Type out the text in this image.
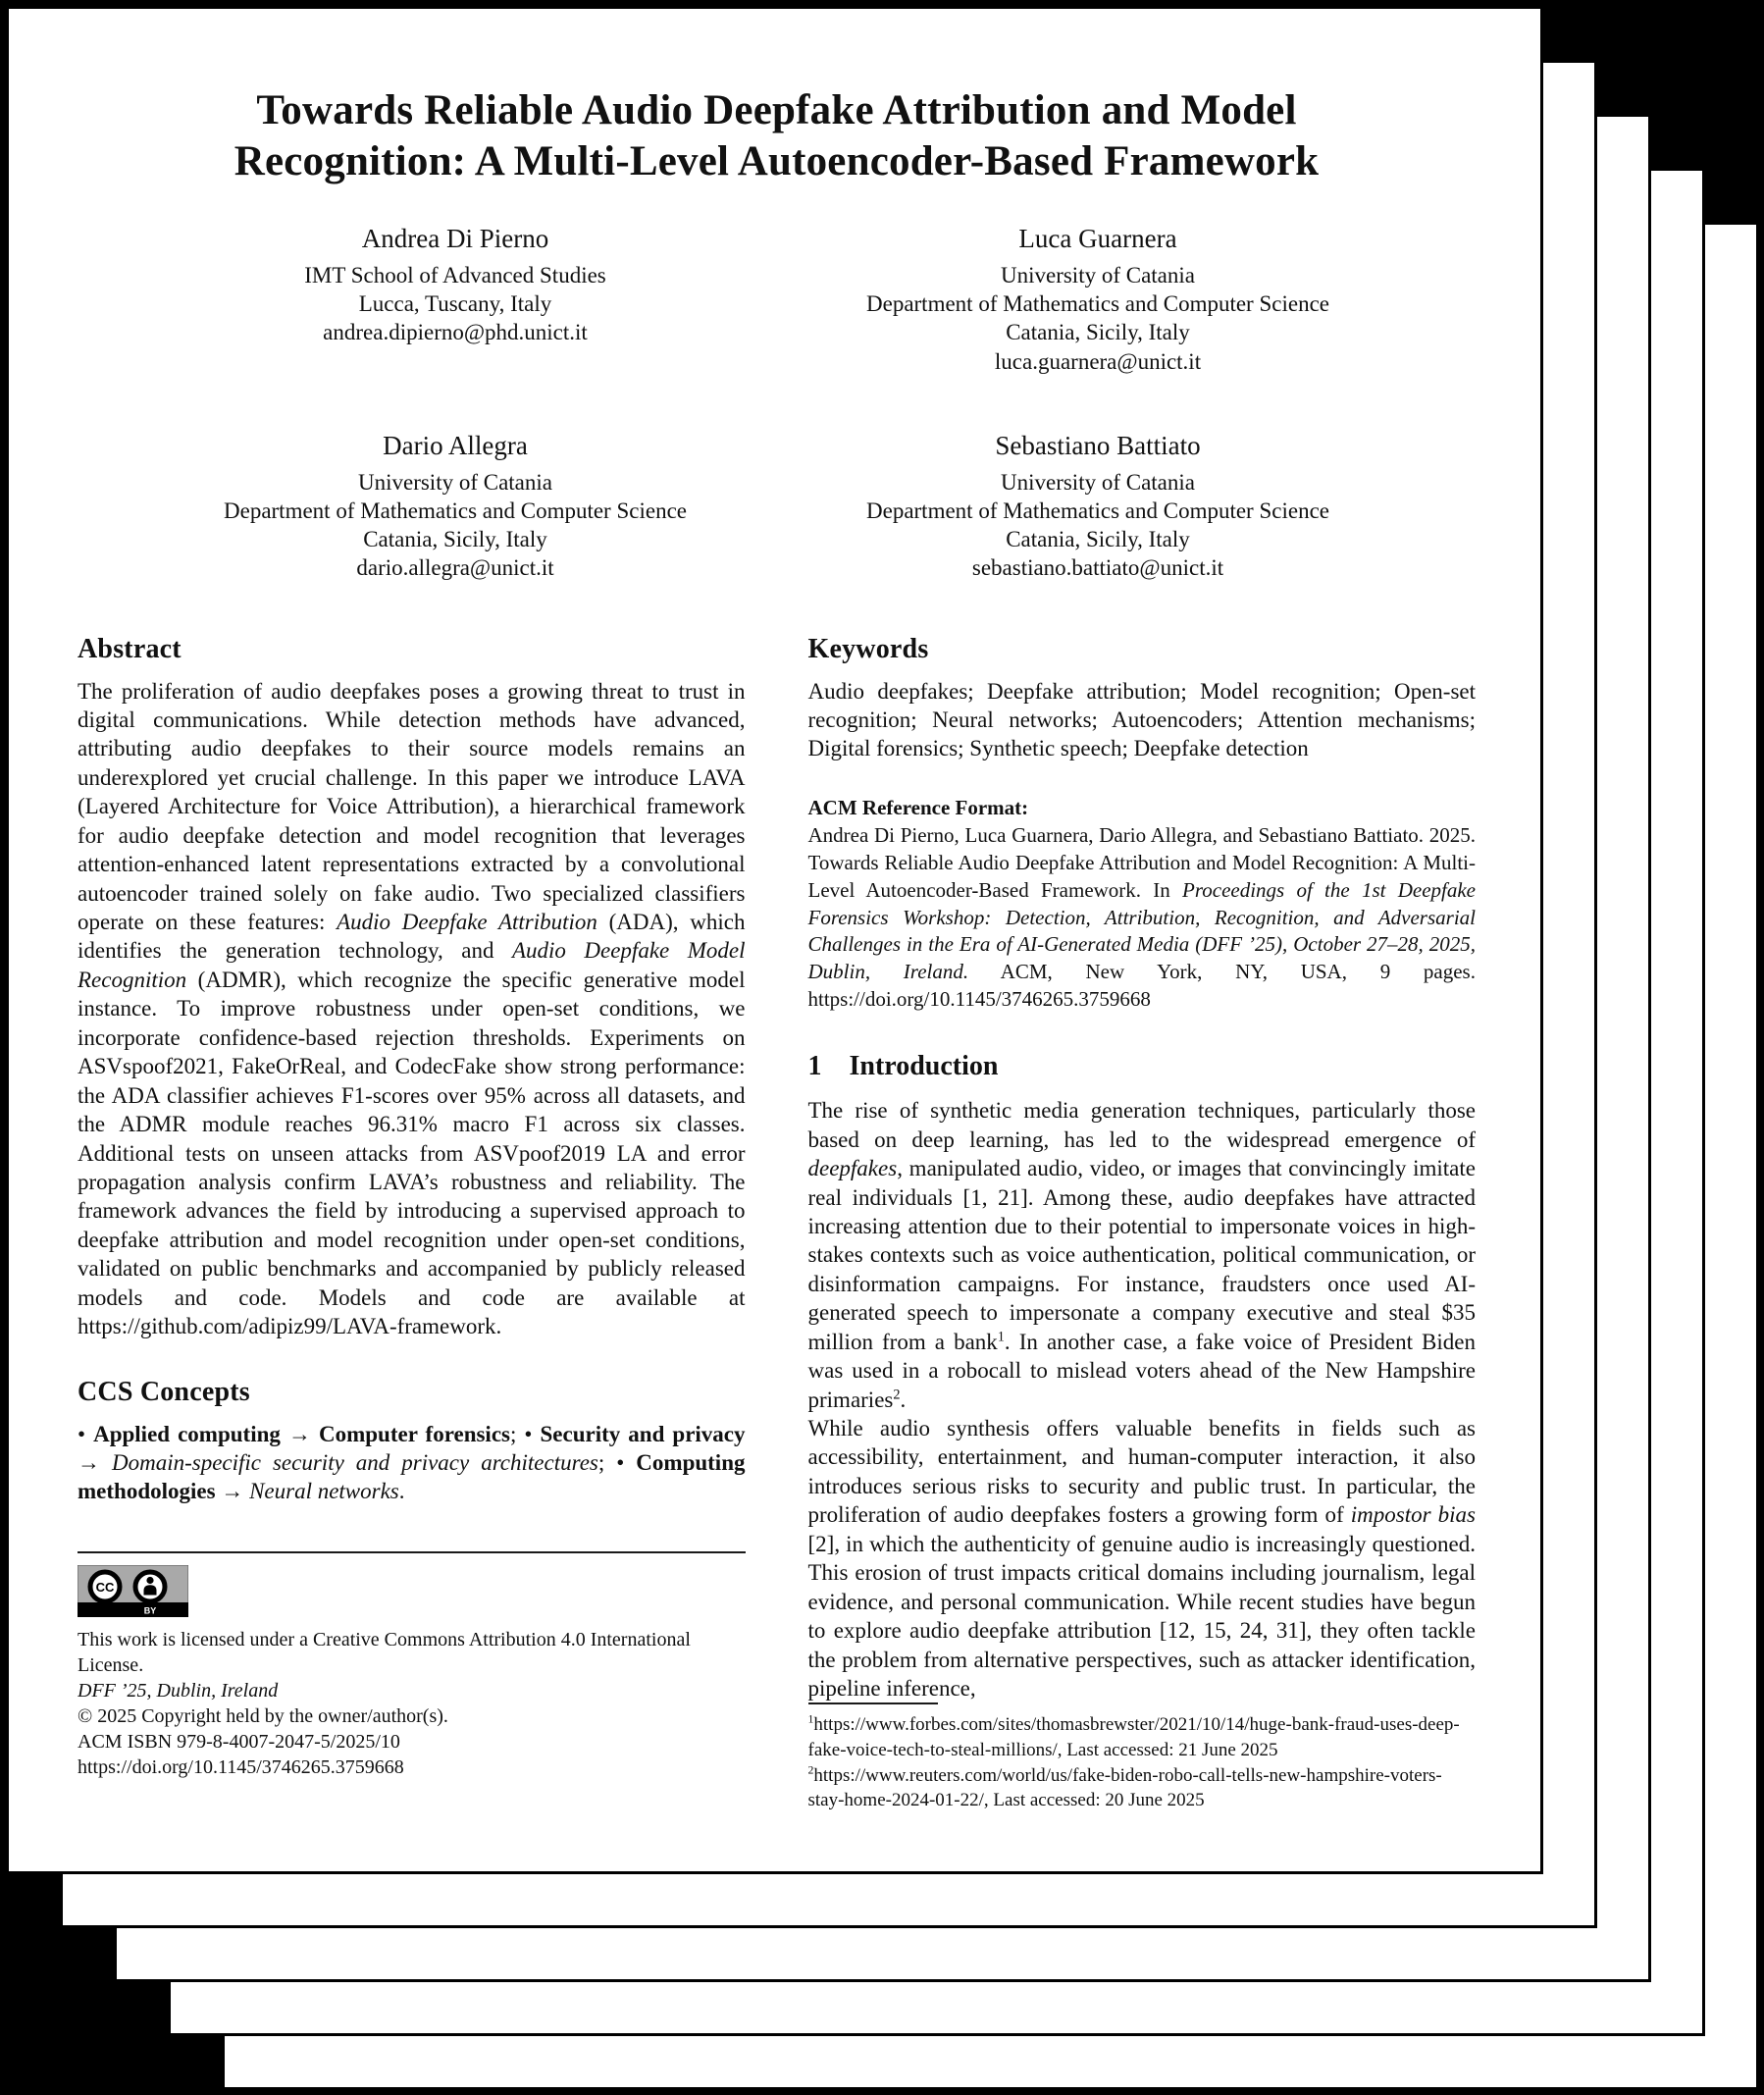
Towards Reliable Audio Deepfake Attribution and Model
Recognition: A Multi-Level Autoencoder-Based Framework
Andrea Di Pierno
IMT School of Advanced Studies
Lucca, Tuscany, Italy
andrea.dipierno@phd.unict.it
Luca Guarnera
University of Catania
Department of Mathematics and Computer Science
Catania, Sicily, Italy
luca.guarnera@unict.it
Dario Allegra
University of Catania
Department of Mathematics and Computer Science
Catania, Sicily, Italy
dario.allegra@unict.it
Sebastiano Battiato
University of Catania
Department of Mathematics and Computer Science
Catania, Sicily, Italy
sebastiano.battiato@unict.it
Abstract
The proliferation of audio deepfakes poses a growing threat to trust in digital communications. While detection methods have advanced, attributing audio deepfakes to their source models remains an underexplored yet crucial challenge. In this paper we introduce LAVA (Layered Architecture for Voice Attribution), a hierarchical framework for audio deepfake detection and model recognition that leverages attention-enhanced latent representations extracted by a convolutional autoencoder trained solely on fake audio. Two specialized classifiers operate on these features: Audio Deepfake Attribution (ADA), which identifies the generation technology, and Audio Deepfake Model Recognition (ADMR), which recognize the specific generative model instance. To improve robustness under open-set conditions, we incorporate confidence-based rejection thresholds. Experiments on ASVspoof2021, FakeOrReal, and CodecFake show strong performance: the ADA classifier achieves F1-scores over 95% across all datasets, and the ADMR module reaches 96.31% macro F1 across six classes. Additional tests on unseen attacks from ASVpoof2019 LA and error propagation analysis confirm LAVA’s robustness and reliability. The framework advances the field by introducing a supervised approach to deepfake attribution and model recognition under open-set conditions, validated on public benchmarks and accompanied by publicly released models and code. Models and code are available at https://github.com/adipiz99/LAVA-framework.
CCS Concepts
• Applied computing → Computer forensics; • Security and privacy → Domain-specific security and privacy architectures; • Computing methodologies → Neural networks.
CC
BY

This work is licensed under a Creative Commons Attribution 4.0 International License.

DFF ’25, Dublin, Ireland

© 2025 Copyright held by the owner/author(s).

ACM ISBN 979-8-4007-2047-5/2025/10

https://doi.org/10.1145/3746265.3759668

Keywords
Audio deepfakes; Deepfake attribution; Model recognition; Open-set recognition; Neural networks; Autoencoders; Attention mechanisms; Digital forensics; Synthetic speech; Deepfake detection
ACM Reference Format:
Andrea Di Pierno, Luca Guarnera, Dario Allegra, and Sebastiano Battiato. 2025. Towards Reliable Audio Deepfake Attribution and Model Recognition: A Multi-Level Autoencoder-Based Framework. In Proceedings of the 1st Deepfake Forensics Workshop: Detection, Attribution, Recognition, and Adversarial Challenges in the Era of AI-Generated Media (DFF ’25), October 27–28, 2025, Dublin, Ireland. ACM, New York, NY, USA, 9 pages. https://doi.org/10.1145/3746265.3759668
1 Introduction

The rise of synthetic media generation techniques, particularly those based on deep learning, has led to the widespread emergence of deepfakes, manipulated audio, video, or images that convincingly imitate real individuals [1, 21]. Among these, audio deepfakes have attracted increasing attention due to their potential to impersonate voices in high-stakes contexts such as voice authentication, political communication, or disinformation campaigns. For instance, fraudsters once used AI-generated speech to impersonate a company executive and steal $35 million from a bank$^1$. In another case, a fake voice of President Biden was used in a robocall to mislead voters ahead of the New Hampshire primaries$^2$.

While audio synthesis offers valuable benefits in fields such as accessibility, entertainment, and human-computer interaction, it also introduces serious risks to security and public trust. In particular, the proliferation of audio deepfakes fosters a growing form of impostor bias [2], in which the authenticity of genuine audio is increasingly questioned. This erosion of trust impacts critical domains including journalism, legal evidence, and personal communication. While recent studies have begun to explore audio deepfake attribution [12, 15, 24, 31], they often tackle the problem from alternative perspectives, such as attacker identification, pipeline inference,

$^1$https://www.forbes.com/sites/thomasbrewster/2021/10/14/huge-bank-fraud-uses-deep-fake-voice-tech-to-steal-millions/, Last accessed: 21 June 2025

$^2$https://www.reuters.com/world/us/fake-biden-robo-call-tells-new-hampshire-voters-stay-home-2024-01-22/, Last accessed: 20 June 2025
